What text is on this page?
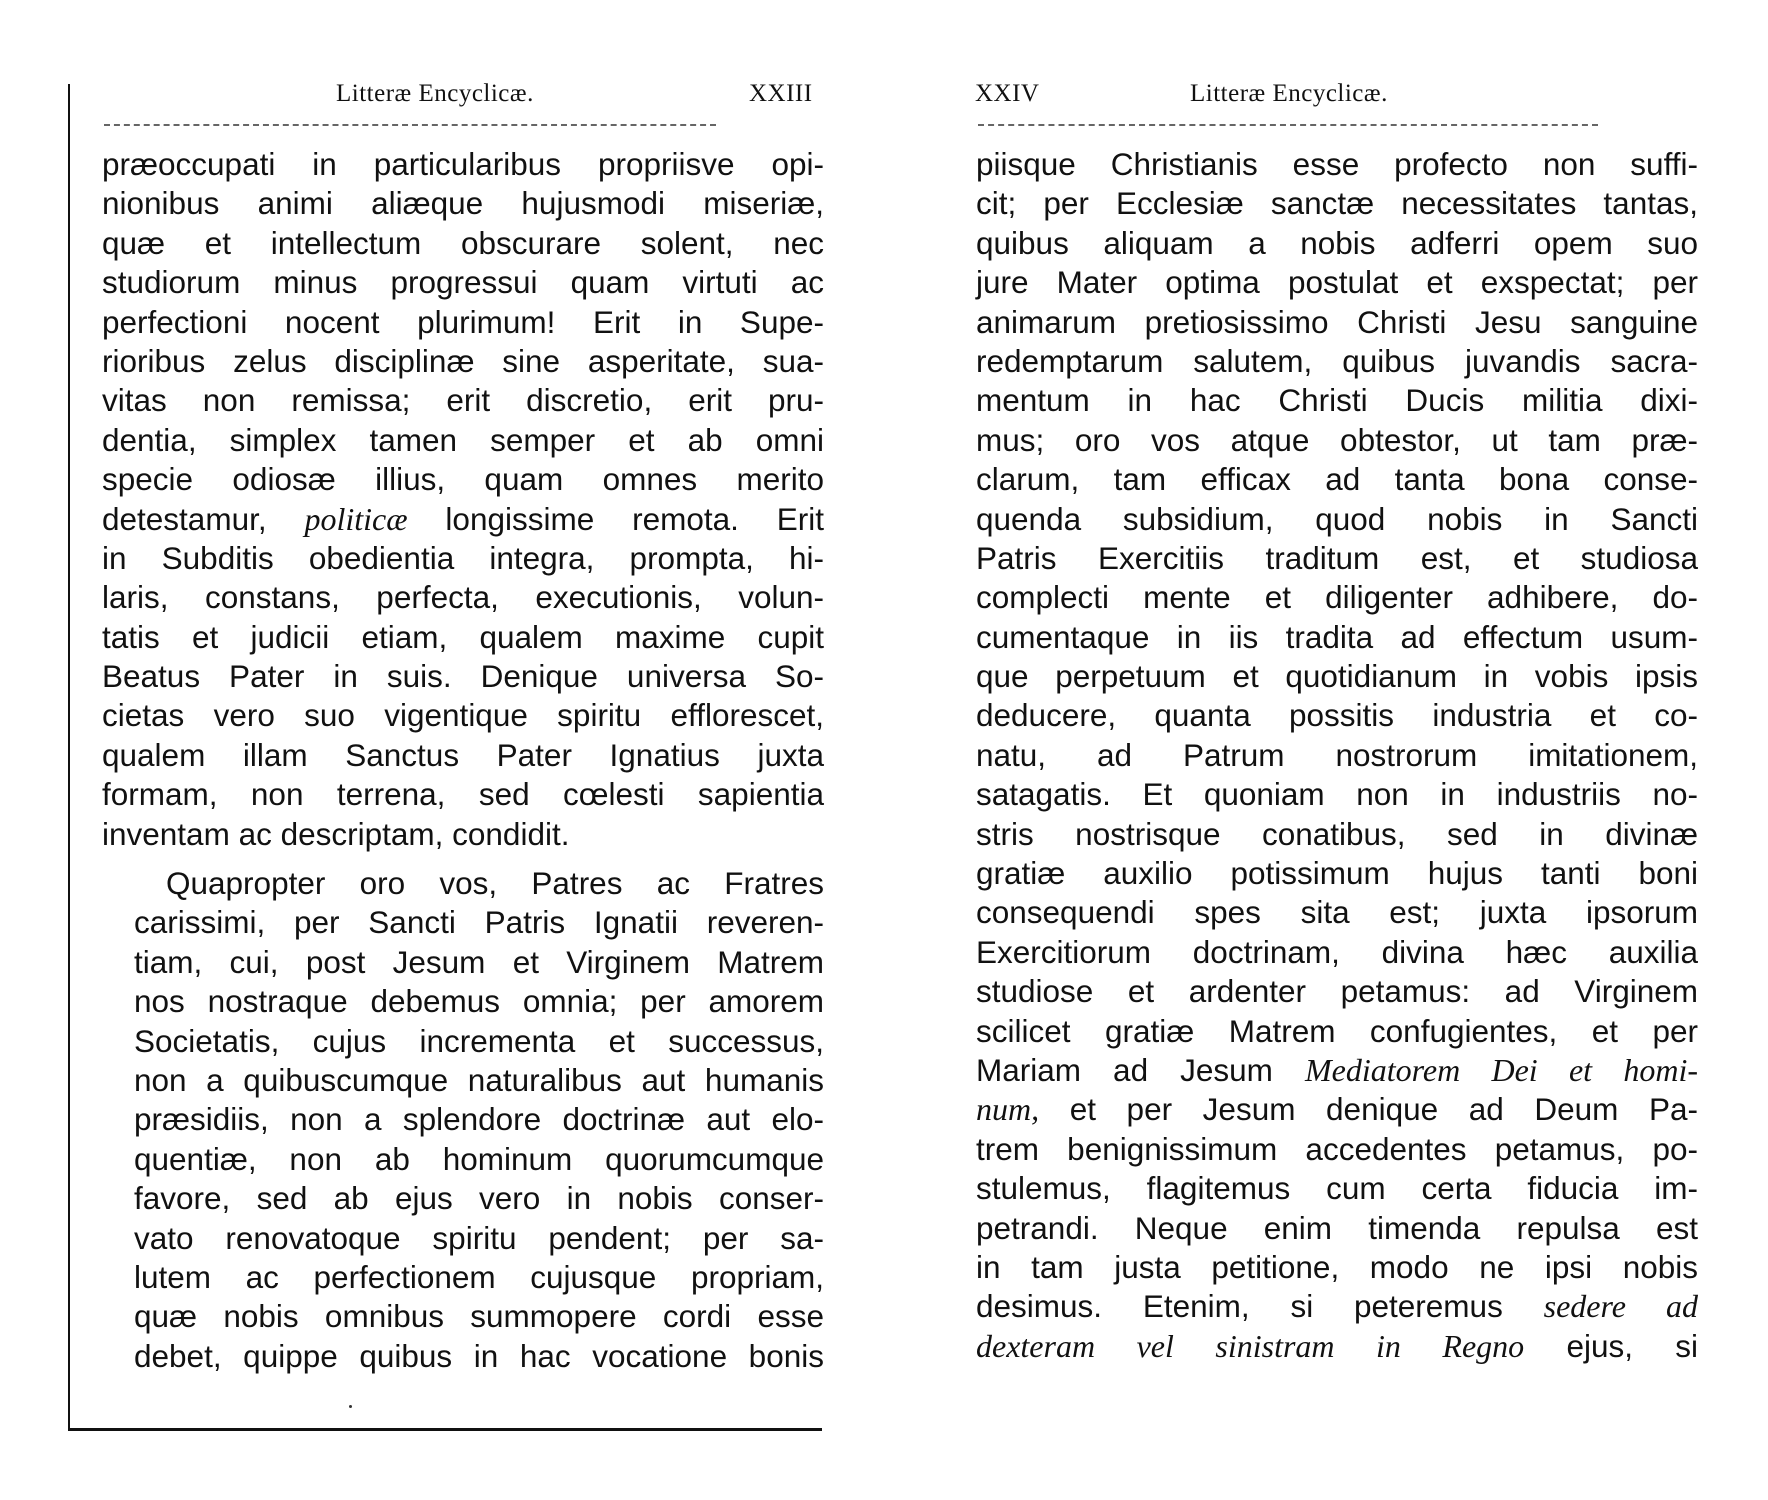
Litteræ Encyclicæ.	XXIII

præoccupati in particularibus propriisve opi-
nionibus animi aliæque hujusmodi miseriæ,
quæ et intellectum obscurare solent, nec
studiorum minus progressui quam virtuti ac
perfectioni nocent plurimum! Erit in Supe-
rioribus zelus disciplinæ sine asperitate, sua-
vitas non remissa; erit discretio, erit pru-
dentia, simplex tamen semper et ab omni
specie odiosæ illius, quam omnes merito
detestamur, politicæ longissime remota. Erit
in Subditis obedientia integra, prompta, hi-
laris, constans, perfecta, executionis, volun-
tatis et judicii etiam, qualem maxime cupit
Beatus Pater in suis. Denique universa So-
cietas vero suo vigentique spiritu efflorescet,
qualem illam Sanctus Pater Ignatius juxta
formam, non terrena, sed cœlesti sapientia
inventam ac descriptam, condidit.

Quapropter oro vos, Patres ac Fratres
carissimi, per Sancti Patris Ignatii reveren-
tiam, cui, post Jesum et Virginem Matrem
nos nostraque debemus omnia; per amorem
Societatis, cujus incrementa et successus,
non a quibuscumque naturalibus aut humanis
præsidiis, non a splendore doctrinæ aut elo-
quentiæ, non ab hominum quorumcumque
favore, sed ab ejus vero in nobis conser-
vato renovatoque spiritu pendent; per sa-
lutem ac perfectionem cujusque propriam,
quæ nobis omnibus summopere cordi esse
debet, quippe quibus in hac vocatione bonis

XXIV	Litteræ Encyclicæ.

piisque Christianis esse profecto non suffi-
cit; per Ecclesiæ sanctæ necessitates tantas,
quibus aliquam a nobis adferri opem suo
jure Mater optima postulat et exspectat; per
animarum pretiosissimo Christi Jesu sanguine
redemptarum salutem, quibus juvandis sacra-
mentum in hac Christi Ducis militia dixi-
mus; oro vos atque obtestor, ut tam præ-
clarum, tam efficax ad tanta bona conse-
quenda subsidium, quod nobis in Sancti
Patris Exercitiis traditum est, et studiosa
complecti mente et diligenter adhibere, do-
cumentaque in iis tradita ad effectum usum-
que perpetuum et quotidianum in vobis ipsis
deducere, quanta possitis industria et co-
natu, ad Patrum nostrorum imitationem,
satagatis. Et quoniam non in industriis no-
stris nostrisque conatibus, sed in divinæ
gratiæ auxilio potissimum hujus tanti boni
consequendi spes sita est; juxta ipsorum
Exercitiorum doctrinam, divina hæc auxilia
studiose et ardenter petamus: ad Virginem
scilicet gratiæ Matrem confugientes, et per
Mariam ad Jesum Mediatorem Dei et homi-
num, et per Jesum denique ad Deum Pa-
trem benignissimum accedentes petamus, po-
stulemus, flagitemus cum certa fiducia im-
petrandi. Neque enim timenda repulsa est
in tam justa petitione, modo ne ipsi nobis
desimus. Etenim, si peteremus sedere ad
dexteram vel sinistram in Regno ejus, si
